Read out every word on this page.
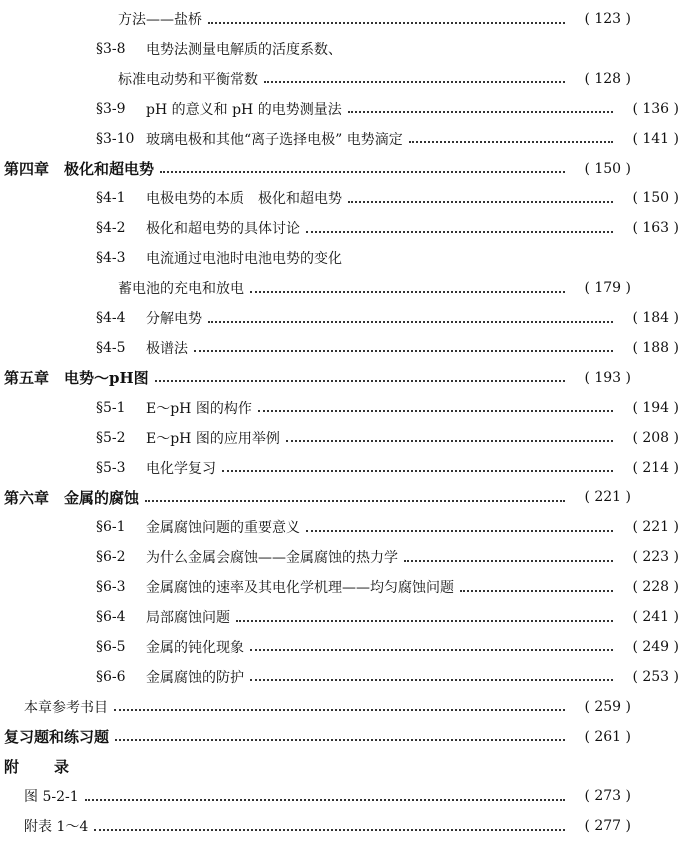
方法——盐桥	( 123 )
§3-8 电势法测量电解质的活度系数、
标准电动势和平衡常数	( 128 )
§3-9 pH 的意义和 pH 的电势测量法	( 136 )
§3-10 玻璃电极和其他“离子选择电极” 电势滴定	( 141 )
第四章　极化和超电势	( 150 )
§4-1 电极电势的本质　极化和超电势	( 150 )
§4-2 极化和超电势的具体讨论	( 163 )
§4-3 电流通过电池时电池电势的变化
蓄电池的充电和放电	( 179 )
§4-4 分解电势	( 184 )
§4-5 极谱法	( 188 )
第五章　电势～pH图	( 193 )
§5-1 E～pH 图的构作	( 194 )
§5-2 E～pH 图的应用举例	( 208 )
§5-3 电化学复习	( 214 )
第六章　金属的腐蚀	( 221 )
§6-1 金属腐蚀问题的重要意义	( 221 )
§6-2 为什么金属会腐蚀——金属腐蚀的热力学	( 223 )
§6-3 金属腐蚀的速率及其电化学机理——均匀腐蚀问题	( 228 )
§6-4 局部腐蚀问题	( 241 )
§6-5 金属的钝化现象	( 249 )
§6-6 金属腐蚀的防护	( 253 )
本章参考书目	( 259 )
复习题和练习题	( 261 )
附　录
图 5-2-1	( 273 )
附表 1～4	( 277 )
